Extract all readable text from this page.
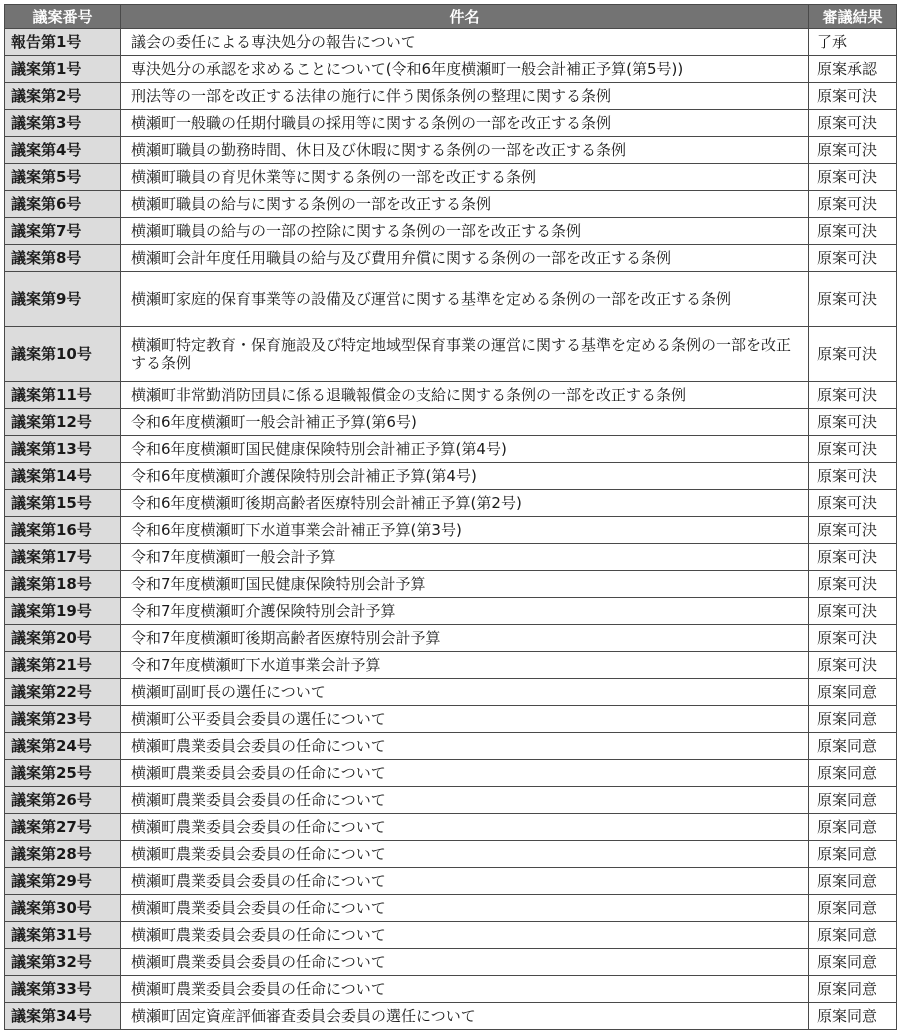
議案番号	件名	審議結果
報告第1号	議会の委任による専決処分の報告について	了承
議案第1号	専決処分の承認を求めることについて(令和6年度横瀬町一般会計補正予算(第5号))	原案承認
議案第2号	刑法等の一部を改正する法律の施行に伴う関係条例の整理に関する条例	原案可決
議案第3号	横瀬町一般職の任期付職員の採用等に関する条例の一部を改正する条例	原案可決
議案第4号	横瀬町職員の勤務時間、休日及び休暇に関する条例の一部を改正する条例	原案可決
議案第5号	横瀬町職員の育児休業等に関する条例の一部を改正する条例	原案可決
議案第6号	横瀬町職員の給与に関する条例の一部を改正する条例	原案可決
議案第7号	横瀬町職員の給与の一部の控除に関する条例の一部を改正する条例	原案可決
議案第8号	横瀬町会計年度任用職員の給与及び費用弁償に関する条例の一部を改正する条例	原案可決
議案第9号	横瀬町家庭的保育事業等の設備及び運営に関する基準を定める条例の一部を改正する条例	原案可決
議案第10号	横瀬町特定教育・保育施設及び特定地域型保育事業の運営に関する基準を定める条例の一部を改正する条例	原案可決
議案第11号	横瀬町非常勤消防団員に係る退職報償金の支給に関する条例の一部を改正する条例	原案可決
議案第12号	令和6年度横瀬町一般会計補正予算(第6号)	原案可決
議案第13号	令和6年度横瀬町国民健康保険特別会計補正予算(第4号)	原案可決
議案第14号	令和6年度横瀬町介護保険特別会計補正予算(第4号)	原案可決
議案第15号	令和6年度横瀬町後期高齢者医療特別会計補正予算(第2号)	原案可決
議案第16号	令和6年度横瀬町下水道事業会計補正予算(第3号)	原案可決
議案第17号	令和7年度横瀬町一般会計予算	原案可決
議案第18号	令和7年度横瀬町国民健康保険特別会計予算	原案可決
議案第19号	令和7年度横瀬町介護保険特別会計予算	原案可決
議案第20号	令和7年度横瀬町後期高齢者医療特別会計予算	原案可決
議案第21号	令和7年度横瀬町下水道事業会計予算	原案可決
議案第22号	横瀬町副町長の選任について	原案同意
議案第23号	横瀬町公平委員会委員の選任について	原案同意
議案第24号	横瀬町農業委員会委員の任命について	原案同意
議案第25号	横瀬町農業委員会委員の任命について	原案同意
議案第26号	横瀬町農業委員会委員の任命について	原案同意
議案第27号	横瀬町農業委員会委員の任命について	原案同意
議案第28号	横瀬町農業委員会委員の任命について	原案同意
議案第29号	横瀬町農業委員会委員の任命について	原案同意
議案第30号	横瀬町農業委員会委員の任命について	原案同意
議案第31号	横瀬町農業委員会委員の任命について	原案同意
議案第32号	横瀬町農業委員会委員の任命について	原案同意
議案第33号	横瀬町農業委員会委員の任命について	原案同意
議案第34号	横瀬町固定資産評価審査委員会委員の選任について	原案同意
